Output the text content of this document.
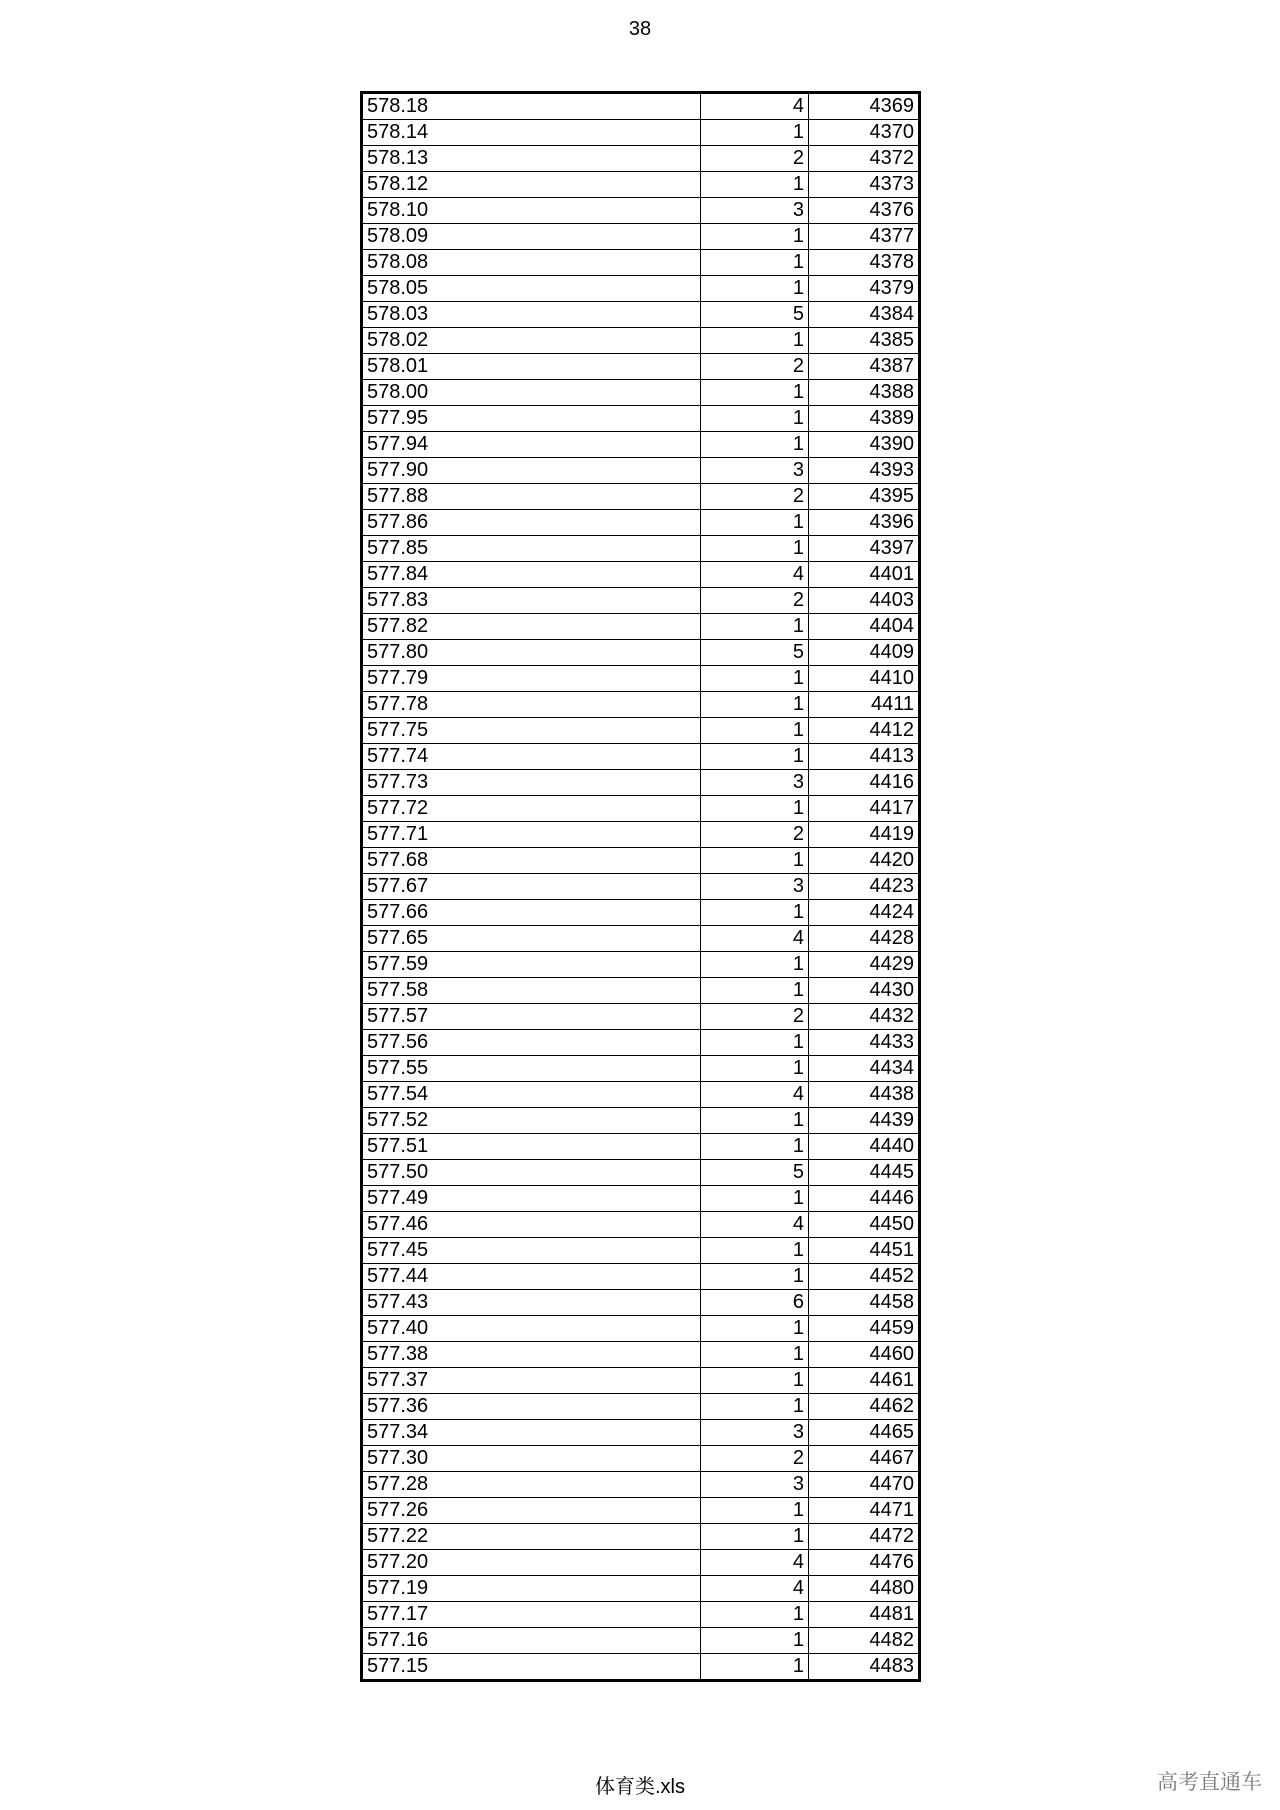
38
578.18	4	4369
578.14	1	4370
578.13	2	4372
578.12	1	4373
578.10	3	4376
578.09	1	4377
578.08	1	4378
578.05	1	4379
578.03	5	4384
578.02	1	4385
578.01	2	4387
578.00	1	4388
577.95	1	4389
577.94	1	4390
577.90	3	4393
577.88	2	4395
577.86	1	4396
577.85	1	4397
577.84	4	4401
577.83	2	4403
577.82	1	4404
577.80	5	4409
577.79	1	4410
577.78	1	4411
577.75	1	4412
577.74	1	4413
577.73	3	4416
577.72	1	4417
577.71	2	4419
577.68	1	4420
577.67	3	4423
577.66	1	4424
577.65	4	4428
577.59	1	4429
577.58	1	4430
577.57	2	4432
577.56	1	4433
577.55	1	4434
577.54	4	4438
577.52	1	4439
577.51	1	4440
577.50	5	4445
577.49	1	4446
577.46	4	4450
577.45	1	4451
577.44	1	4452
577.43	6	4458
577.40	1	4459
577.38	1	4460
577.37	1	4461
577.36	1	4462
577.34	3	4465
577.30	2	4467
577.28	3	4470
577.26	1	4471
577.22	1	4472
577.20	4	4476
577.19	4	4480
577.17	1	4481
577.16	1	4482
577.15	1	4483
体育类.xls	高考直通车
